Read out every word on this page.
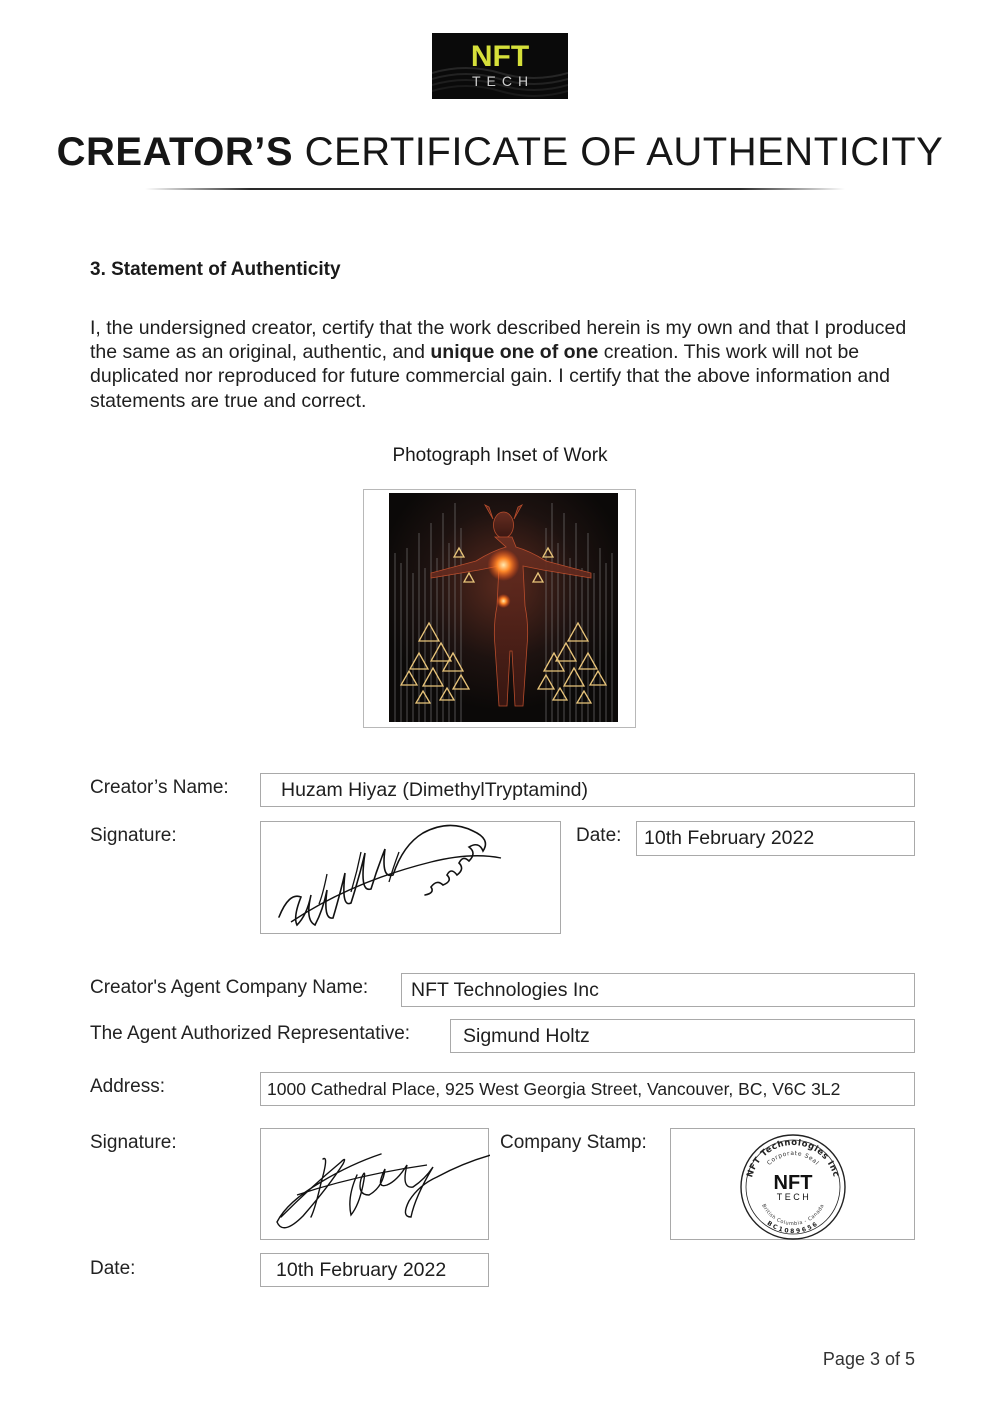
NFT
TECH
CREATOR’S CERTIFICATE OF AUTHENTICITY
3. Statement of Authenticity
I, the undersigned creator, certify that the work described herein is my own and that I produced the same as an original, authentic, and unique one of one creation. This work will not be duplicated nor reproduced for future commercial gain. I certify that the above information and statements are true and correct.
Photograph Inset of Work
Creator’s Name:	Huzam Hiyaz (DimethylTryptamind)
Signature:	Date: 10th February 2022
Creator's Agent Company Name: NFT Technologies Inc
The Agent Authorized Representative:	Sigmund Holtz
Address:	1000 Cathedral Place, 925 West Georgia Street, Vancouver, BC, V6C 3L2
Signature:	Company Stamp:
NFT Technologies Inc
Corporate Seal
British Columbia - Canada
BC1089656
NFT
TECH
Date:	10th February 2022
Page 3 of 5
